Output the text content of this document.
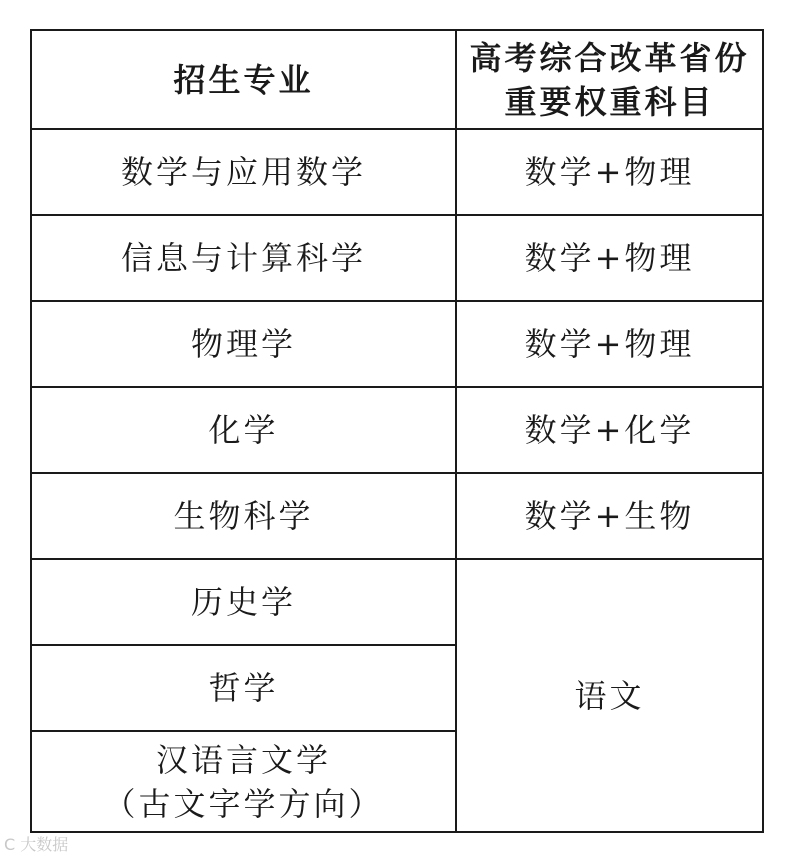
招生专业	高考综合改革省份
重要权重科目

数学与应用数学	数学+物理
信息与计算科学	数学+物理
物理学	数学+物理
化学	数学+化学
生物科学	数学+生物
历史学	语文
哲学	

汉语言文学
（古文字学方向）	
C 大数据
